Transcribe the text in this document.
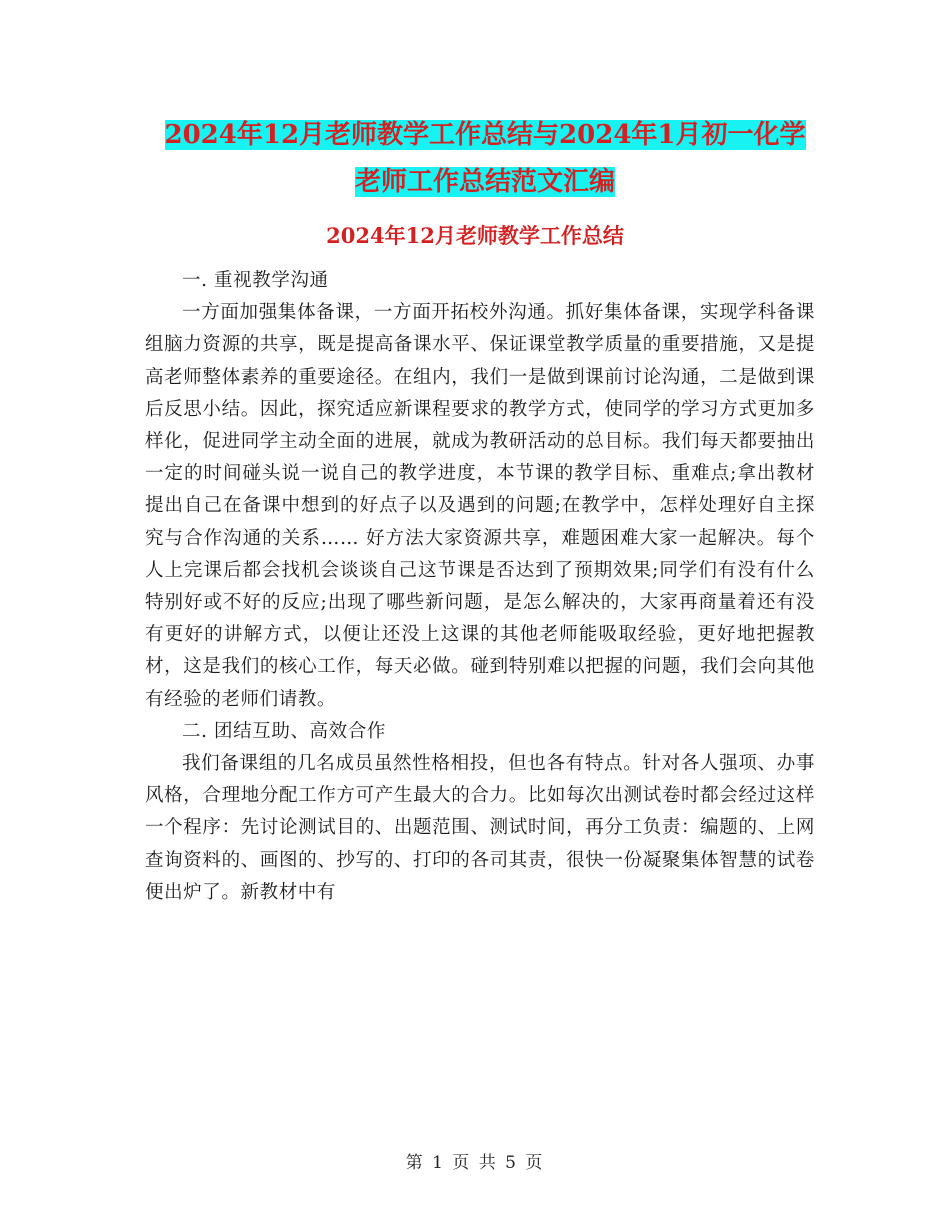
2024年12月老师教学工作总结与2024年1月初一化学老师工作总结范文汇编
2024年12月老师教学工作总结

一. 重视教学沟通

一方面加强集体备课，一方面开拓校外沟通。抓好集体备课，实现学科备课组脑力资源的共享，既是提高备课水平、保证课堂教学质量的重要措施，又是提高老师整体素养的重要途径。在组内，我们一是做到课前讨论沟通，二是做到课后反思小结。因此，探究适应新课程要求的教学方式，使同学的学习方式更加多样化，促进同学主动全面的进展，就成为教研活动的总目标。我们每天都要抽出一定的时间碰头说一说自己的教学进度，本节课的教学目标、重难点;拿出教材提出自己在备课中想到的好点子以及遇到的问题;在教学中，怎样处理好自主探究与合作沟通的关系…… 好方法大家资源共享，难题困难大家一起解决。每个人上完课后都会找机会谈谈自己这节课是否达到了预期效果;同学们有没有什么特别好或不好的反应;出现了哪些新问题，是怎么解决的，大家再商量着还有没有更好的讲解方式，以便让还没上这课的其他老师能吸取经验，更好地把握教材，这是我们的核心工作，每天必做。碰到特别难以把握的问题，我们会向其他有经验的老师们请教。

二. 团结互助、高效合作

我们备课组的几名成员虽然性格相投，但也各有特点。针对各人强项、办事风格，合理地分配工作方可产生最大的合力。比如每次出测试卷时都会经过这样一个程序：先讨论测试目的、出题范围、测试时间，再分工负责：编题的、上网查询资料的、画图的、抄写的、打印的各司其责，很快一份凝聚集体智慧的试卷便出炉了。新教材中有

第 1 页 共 5 页
